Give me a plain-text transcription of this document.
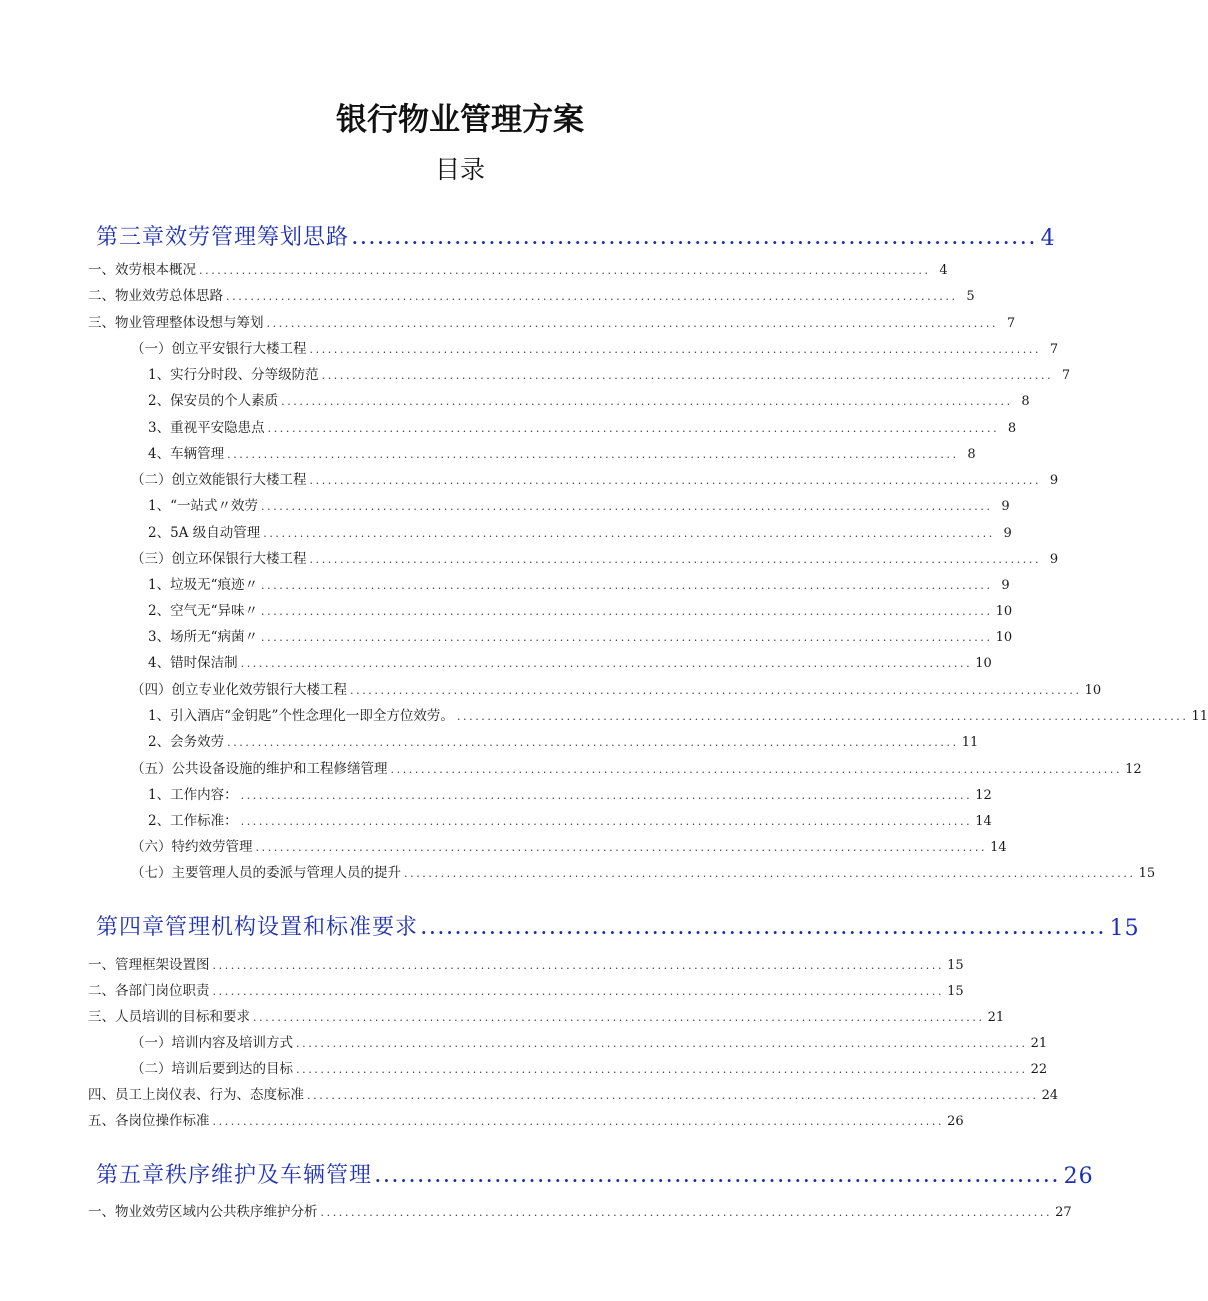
银行物业管理方案
目录
第三章效劳管理筹划思路 ................................................................................ 4
一、效劳根本概况 ........................................................................................................................ 4
二、物业效劳总体思路 ........................................................................................................................ 5
三、物业管理整体设想与筹划 ........................................................................................................................ 7
（一）创立平安银行大楼工程 ........................................................................................................................ 7
1、实行分时段、分等级防范 ........................................................................................................................ 7
2、保安员的个人素质 ........................................................................................................................ 8
3、重视平安隐患点 ........................................................................................................................ 8
4、车辆管理 ........................................................................................................................ 8
（二）创立效能银行大楼工程 ........................................................................................................................ 9
1、“一站式〃效劳 ........................................................................................................................ 9
2、5A 级自动管理 ........................................................................................................................ 9
（三）创立环保银行大楼工程 ........................................................................................................................ 9
1、垃圾无“痕迹〃 ........................................................................................................................ 9
2、空气无“异味〃 ........................................................................................................................ 10
3、场所无“病菌〃 ........................................................................................................................ 10
4、错时保洁制 ........................................................................................................................ 10
（四）创立专业化效劳银行大楼工程 ........................................................................................................................ 10
1、引入酒店“金钥匙”个性念理化一即全方位效劳。 ........................................................................................................................ 11
2、会务效劳 ........................................................................................................................ 11
（五）公共设备设施的维护和工程修缮管理 ........................................................................................................................ 12
1、工作内容： ........................................................................................................................ 12
2、工作标准： ........................................................................................................................ 14
（六）特约效劳管理 ........................................................................................................................ 14
（七）主要管理人员的委派与管理人员的提升 ........................................................................................................................ 15
第四章管理机构设置和标准要求 ................................................................................ 15
一、管理框架设置图 ........................................................................................................................ 15
二、各部门岗位职责 ........................................................................................................................ 15
三、人员培训的目标和要求 ........................................................................................................................ 21
（一）培训内容及培训方式 ........................................................................................................................ 21
（二）培训后要到达的目标 ........................................................................................................................ 22
四、员工上岗仪表、行为、态度标准 ........................................................................................................................ 24
五、各岗位操作标准 ........................................................................................................................ 26
第五章秩序维护及车辆管理 ................................................................................ 26
一、物业效劳区域内公共秩序维护分析 ........................................................................................................................ 27
